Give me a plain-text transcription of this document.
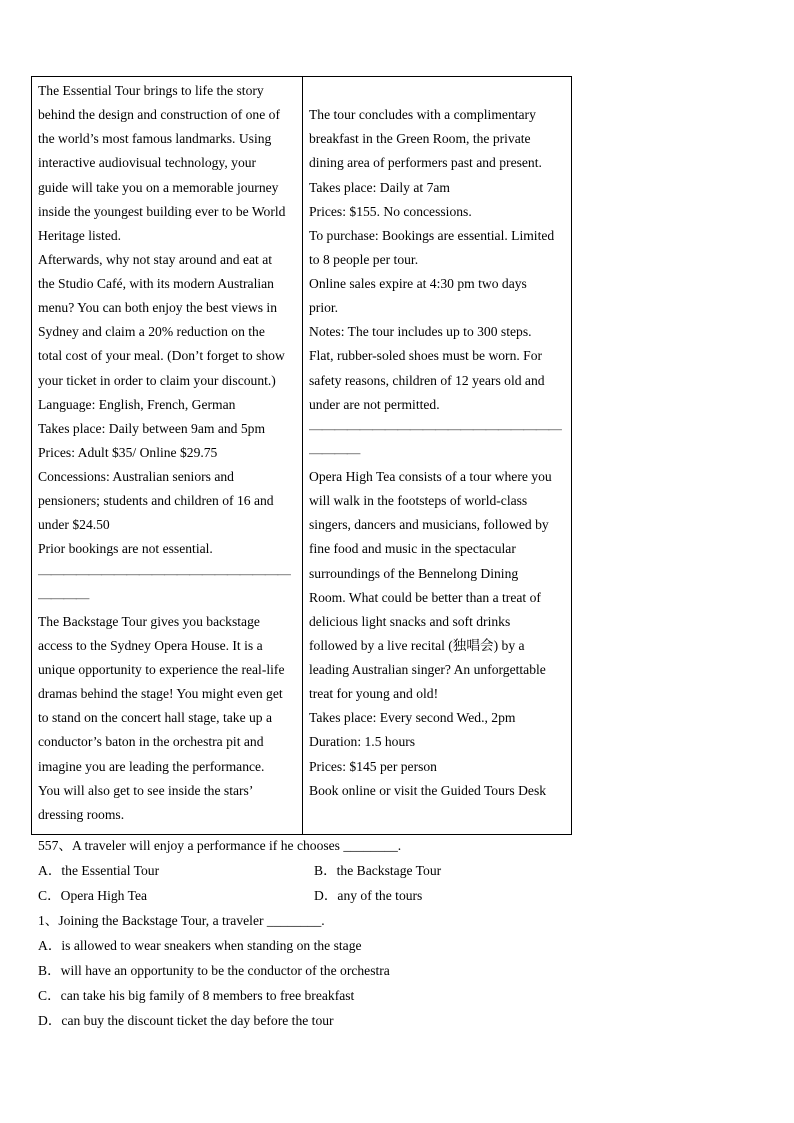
The Essential Tour brings to life the story
behind the design and construction of one of
the world’s most famous landmarks. Using
interactive audiovisual technology, your
guide will take you on a memorable journey
inside the youngest building ever to be World
Heritage listed.
Afterwards, why not stay around and eat at
the Studio Café, with its modern Australian
menu? You can both enjoy the best views in
Sydney and claim a 20% reduction on the
total cost of your meal. (Don’t forget to show
your ticket in order to claim your discount.)
Language: English, French, German
Takes place: Daily between 9am and 5pm
Prices: Adult $35/ Online $29.75
Concessions: Australian seniors and
pensioners; students and children of 16 and
under $24.50
Prior bookings are not essential.
————————————————————
————
The Backstage Tour gives you backstage
access to the Sydney Opera House. It is a
unique opportunity to experience the real-life
dramas behind the stage! You might even get
to stand on the concert hall stage, take up a
conductor’s baton in the orchestra pit and
imagine you are leading the performance.
You will also get to see inside the stars’
dressing rooms.
The tour concludes with a complimentary
breakfast in the Green Room, the private
dining area of performers past and present.
Takes place: Daily at 7am
Prices: $155. No concessions.
To purchase: Bookings are essential. Limited
to 8 people per tour.
Online sales expire at 4:30 pm two days
prior.
Notes: The tour includes up to 300 steps.
Flat, rubber-soled shoes must be worn. For
safety reasons, children of 12 years old and
under are not permitted.
————————————————————
————
Opera High Tea consists of a tour where you
will walk in the footsteps of world-class
singers, dancers and musicians, followed by
fine food and music in the spectacular
surroundings of the Bennelong Dining
Room. What could be better than a treat of
delicious light snacks and soft drinks
followed by a live recital (独唱会) by a
leading Australian singer? An unforgettable
treat for young and old!
Takes place: Every second Wed., 2pm
Duration: 1.5 hours
Prices: $145 per person
Book online or visit the Guided Tours Desk
557、A traveler will enjoy a performance if he chooses ________.
A．the Essential Tour	B．the Backstage Tour
C．Opera High Tea	D．any of the tours
1、Joining the Backstage Tour, a traveler ________.
A．is allowed to wear sneakers when standing on the stage
B．will have an opportunity to be the conductor of the orchestra
C．can take his big family of 8 members to free breakfast
D．can buy the discount ticket the day before the tour
